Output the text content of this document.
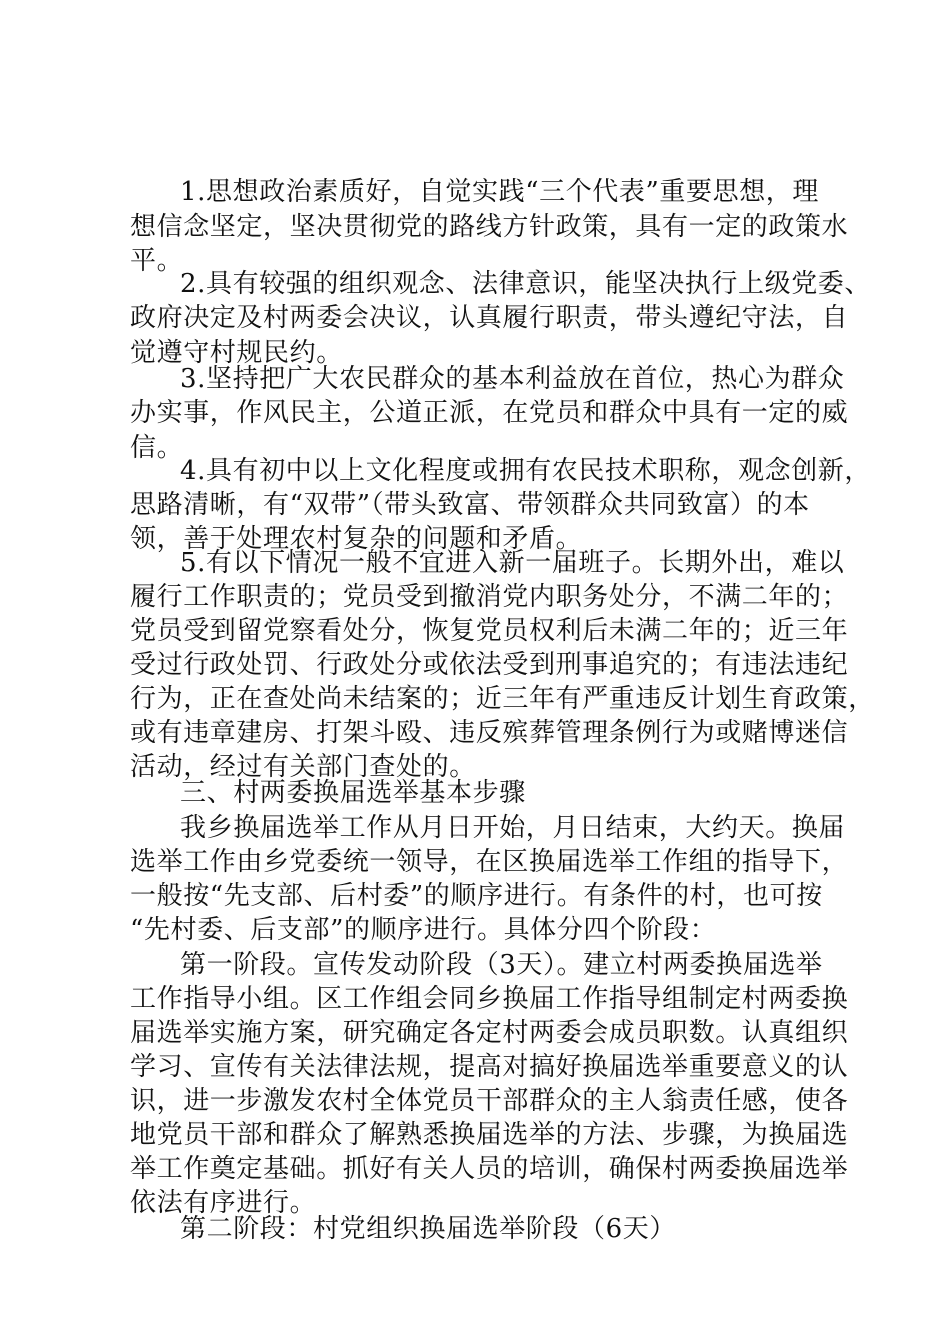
1.思想政治素质好，自觉实践“三个代表”重要思想，理
想信念坚定，坚决贯彻党的路线方针政策，具有一定的政策水
平。
2.具有较强的组织观念、法律意识，能坚决执行上级党委、
政府决定及村两委会决议，认真履行职责，带头遵纪守法，自
觉遵守村规民约。
3.坚持把广大农民群众的基本利益放在首位，热心为群众
办实事，作风民主，公道正派，在党员和群众中具有一定的威
信。
4.具有初中以上文化程度或拥有农民技术职称，观念创新，
思路清晰，有“双带”（带头致富、带领群众共同致富）的本
领，善于处理农村复杂的问题和矛盾。
5.有以下情况一般不宜进入新一届班子。长期外出，难以
履行工作职责的；党员受到撤消党内职务处分，不满二年的；
党员受到留党察看处分，恢复党员权利后未满二年的；近三年
受过行政处罚、行政处分或依法受到刑事追究的；有违法违纪
行为，正在查处尚未结案的；近三年有严重违反计划生育政策，
或有违章建房、打架斗殴、违反殡葬管理条例行为或赌博迷信
活动，经过有关部门查处的。
三、村两委换届选举基本步骤
我乡换届选举工作从月日开始，月日结束，大约天。换届
选举工作由乡党委统一领导，在区换届选举工作组的指导下，
一般按“先支部、后村委”的顺序进行。有条件的村，也可按
“先村委、后支部”的顺序进行。具体分四个阶段：
第一阶段。宣传发动阶段（3天）。建立村两委换届选举
工作指导小组。区工作组会同乡换届工作指导组制定村两委换
届选举实施方案，研究确定各定村两委会成员职数。认真组织
学习、宣传有关法律法规，提高对搞好换届选举重要意义的认
识，进一步激发农村全体党员干部群众的主人翁责任感，使各
地党员干部和群众了解熟悉换届选举的方法、步骤，为换届选
举工作奠定基础。抓好有关人员的培训，确保村两委换届选举
依法有序进行。
第二阶段：村党组织换届选举阶段（6天）
